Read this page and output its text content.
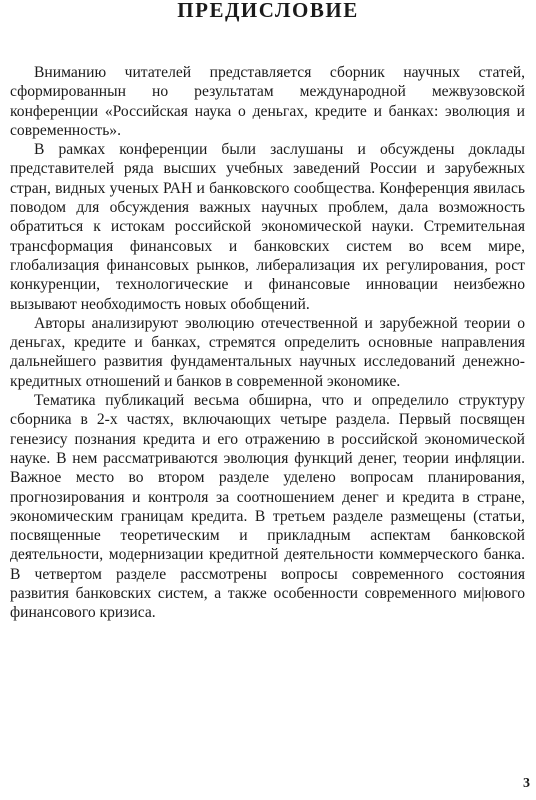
ПРЕДИСЛОВИЕ

Вниманию читателей представляется сборник научных статей, сформированнын но результатам международной межвузовской конференции «Российская наука о деньгах, кредите и банках: эволюция и современность».

В рамках конференции были заслушаны и обсуждены доклады представителей ряда высших учебных заведений России и зарубежных стран, видных ученых РАН и банковского сообщества. Конференция явилась поводом для обсуждения важных научных проблем, дала возможность обратиться к истокам российской экономической науки. Стремительная трансформация финансовых и банковских систем во всем мире, глобализация финансовых рынков, либерализация их регулирования, рост конкуренции, технологические и финансовые инновации неизбежно вызывают необходимость новых обобщений.

Авторы анализируют эволюцию отечественной и зарубежной теории о деньгах, кредите и банках, стремятся определить основные направления дальнейшего развития фундаментальных научных исследований денежно-кредитных отношений и банков в современной экономике.

Тематика публикаций весьма обширна, что и определило структуру сборника в 2-х частях, включающих четыре раздела. Первый посвящен генезису познания кредита и его отражению в российской экономической науке. В нем рассматриваются эволюция функций денег, теории инфляции. Важное место во втором разделе уделено вопросам планирования, прогнозирования и контроля за соотношением денег и кредита в стране, экономическим границам кредита. В третьем разделе размещены (статьи, посвященные теоретическим и прикладным аспектам банковской деятельности, модернизации кредитной деятельности коммерческого банка. В четвертом разделе рассмотрены вопросы современного состояния развития банковских систем, а также особенности современного ми|ювого финансового кризиса.

3
